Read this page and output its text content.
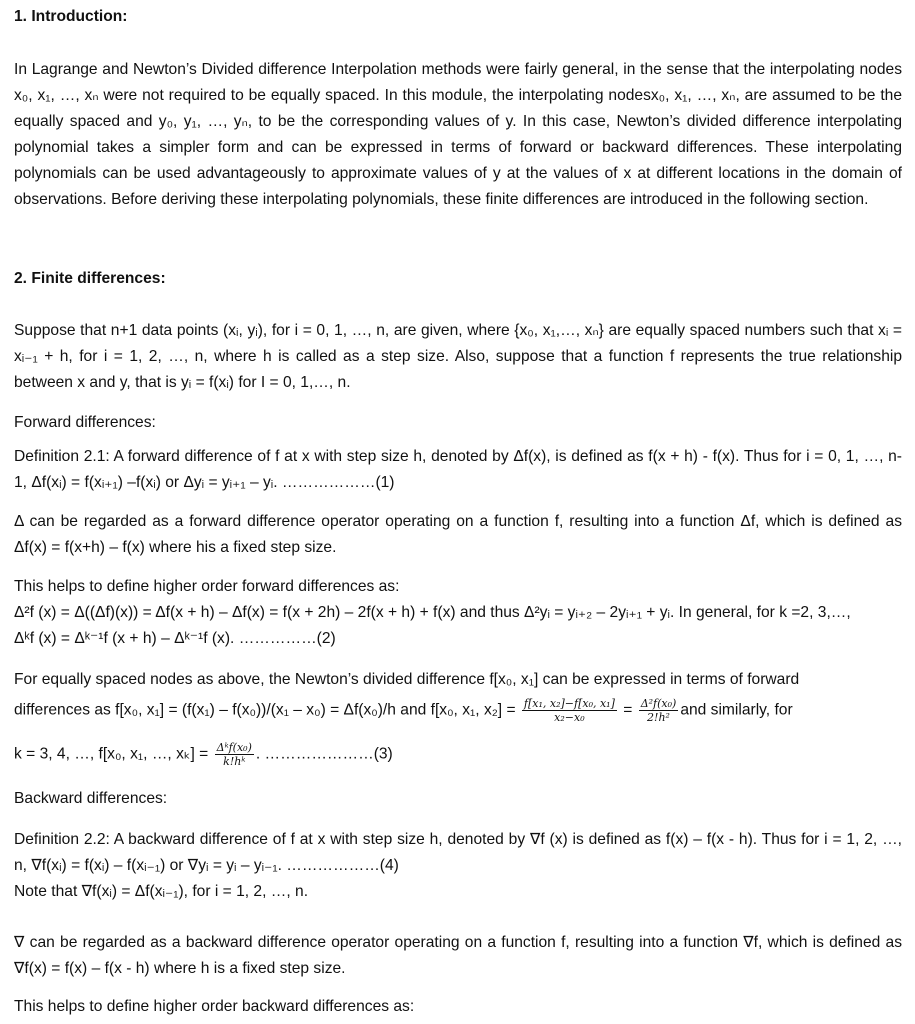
1. Introduction:
In Lagrange and Newton’s Divided difference Interpolation methods were fairly general, in the sense that the interpolating nodes x₀, x₁, …, xₙ were not required to be equally spaced. In this module, the interpolating nodesx₀, x₁, …, xₙ, are assumed to be the equally spaced and y₀, y₁, …, yₙ, to be the corresponding values of y. In this case, Newton’s divided difference interpolating polynomial takes a simpler form and can be expressed in terms of forward or backward differences. These interpolating polynomials can be used advantageously to approximate values of y at the values of x at different locations in the domain of observations. Before deriving these interpolating polynomials, these finite differences are introduced in the following section.
2. Finite differences:
Suppose that n+1 data points (xᵢ, yᵢ), for i = 0, 1, …, n, are given, where {x₀, x₁,…, xₙ} are equally spaced numbers such that xᵢ = xᵢ₋₁ + h, for i = 1, 2, …, n, where h is called as a step size. Also, suppose that a function f represents the true relationship between x and y, that is yᵢ = f(xᵢ) for I = 0, 1,…, n.
Forward differences:
Definition 2.1: A forward difference of f at x with step size h, denoted by Δf(x), is defined as f(x + h) - f(x). Thus for i = 0, 1, …, n-1, Δf(xᵢ) = f(xᵢ₊₁) –f(xᵢ) or Δyᵢ = yᵢ₊₁ – yᵢ. ………………(1)
Δ can be regarded as a forward difference operator operating on a function f, resulting into a function Δf, which is defined as Δf(x) = f(x+h) – f(x) where his a fixed step size.
This helps to define higher order forward differences as:
Δ²f (x) = Δ((Δf)(x)) = Δf(x + h) – Δf(x) = f(x + 2h) – 2f(x + h) + f(x) and thus Δ²yᵢ = yᵢ₊₂ – 2yᵢ₊₁ + yᵢ. In general, for k =2, 3,…,
Δᵏf (x) = Δᵏ⁻¹f (x + h) – Δᵏ⁻¹f (x). ……………(2)
For equally spaced nodes as above, the Newton’s divided difference f[x₀, x₁] can be expressed in terms of forward
differences as f[x₀, x₁] = (f(x₁) – f(x₀))/(x₁ – x₀) = Δf(x₀)/h and f[x₀, x₁, $x_2] = \frac{\text{f[x₁, x₂]−f[x₀, x₁]}}{\text{x₂−x₀}} = \frac{\text{Δ²f(x₀)}}{\text{2!h²}}$ and similarly, for
k = 3, 4, …, f[x₀, x₁, …, $x_k] = \frac{\text{Δᵏf(x₀)}}{\text{k!hᵏ}}$ . …………………(3)
Backward differences:
Definition 2.2: A backward difference of f at x with step size h, denoted by ∇f (x) is defined as f(x) – f(x - h). Thus for i = 1, 2, …, n, ∇f(xᵢ) = f(xᵢ) – f(xᵢ₋₁) or ∇yᵢ = yᵢ – yᵢ₋₁. ………………(4)
Note that ∇f(xᵢ) = Δf(xᵢ₋₁), for i = 1, 2, …, n.
∇ can be regarded as a backward difference operator operating on a function f, resulting into a function ∇f, which is defined as ∇f(x) = f(x) – f(x - h) where h is a fixed step size.
This helps to define higher order backward differences as:
